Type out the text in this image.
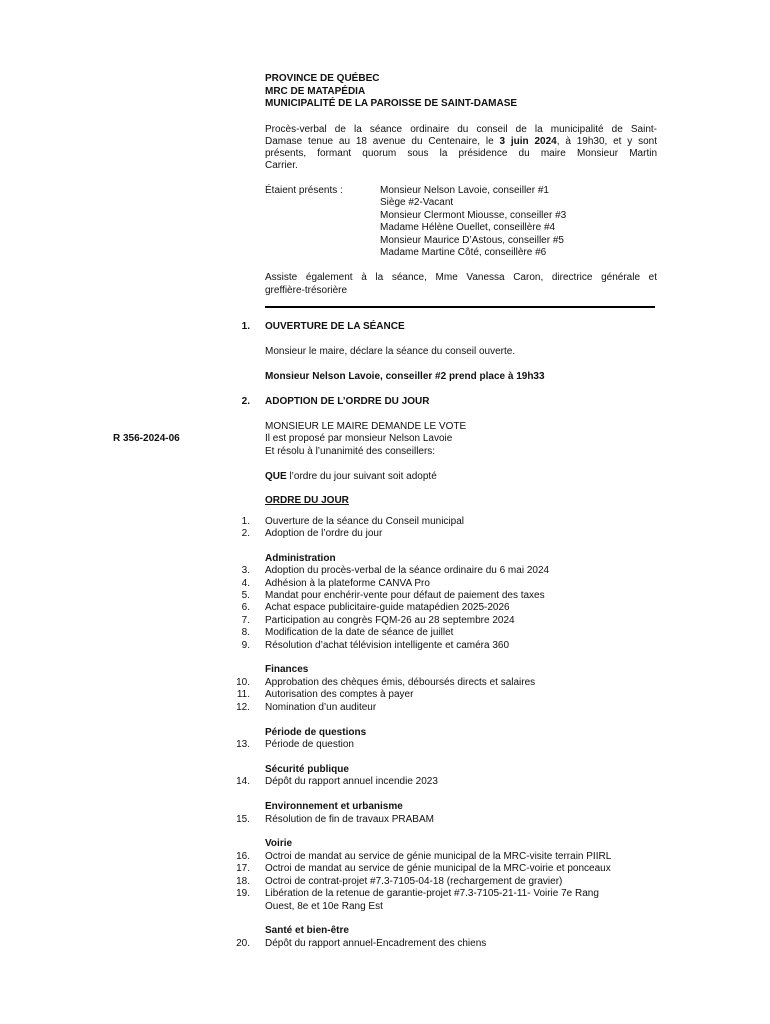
PROVINCE DE QUÉBEC
MRC DE MATAPÉDIA
MUNICIPALITÉ DE LA PAROISSE DE SAINT-DAMASE
Procès-verbal de la séance ordinaire du conseil de la municipalité de Saint-
Damase tenue au 18 avenue du Centenaire, le 3 juin 2024, à 19h30, et y sont
présents, formant quorum sous la présidence du maire Monsieur Martin
Carrier.
Étaient présents :	Monsieur Nelson Lavoie, conseiller #1
Siège #2-Vacant
Monsieur Clermont Miousse, conseiller #3
Madame Hélène Ouellet, conseillère #4
Monsieur Maurice D’Astous, conseiller #5
Madame Martine Côté, conseillère #6
Assiste également à la séance, Mme Vanessa Caron, directrice générale et
greffière-trésorière
1. OUVERTURE DE LA SÉANCE
Monsieur le maire, déclare la séance du conseil ouverte.
Monsieur Nelson Lavoie, conseiller #2 prend place à 19h33
2. ADOPTION DE L’ORDRE DU JOUR
MONSIEUR LE MAIRE DEMANDE LE VOTE
R 356-2024-06	Il est proposé par monsieur Nelson Lavoie
Et résolu à l’unanimité des conseillers:
QUE l’ordre du jour suivant soit adopté
ORDRE DU JOUR
1. Ouverture de la séance du Conseil municipal
2. Adoption de l’ordre du jour
Administration
3. Adoption du procès-verbal de la séance ordinaire du 6 mai 2024
4. Adhésion à la plateforme CANVA Pro
5. Mandat pour enchérir-vente pour défaut de paiement des taxes
6. Achat espace publicitaire-guide matapédien 2025-2026
7. Participation au congrès FQM-26 au 28 septembre 2024
8. Modification de la date de séance de juillet
9. Résolution d’achat télévision intelligente et caméra 360
Finances
10. Approbation des chèques émis, déboursés directs et salaires
11. Autorisation des comptes à payer
12. Nomination d’un auditeur
Période de questions
13. Période de question
Sécurité publique
14. Dépôt du rapport annuel incendie 2023
Environnement et urbanisme
15. Résolution de fin de travaux PRABAM
Voirie
16. Octroi de mandat au service de génie municipal de la MRC-visite terrain PIIRL
17. Octroi de mandat au service de génie municipal de la MRC-voirie et ponceaux
18. Octroi de contrat-projet #7.3-7105-04-18 (rechargement de gravier)
19. Libération de la retenue de garantie-projet #7.3-7105-21-11- Voirie 7e Rang
Ouest, 8e et 10e Rang Est
Santé et bien-être
20. Dépôt du rapport annuel-Encadrement des chiens
